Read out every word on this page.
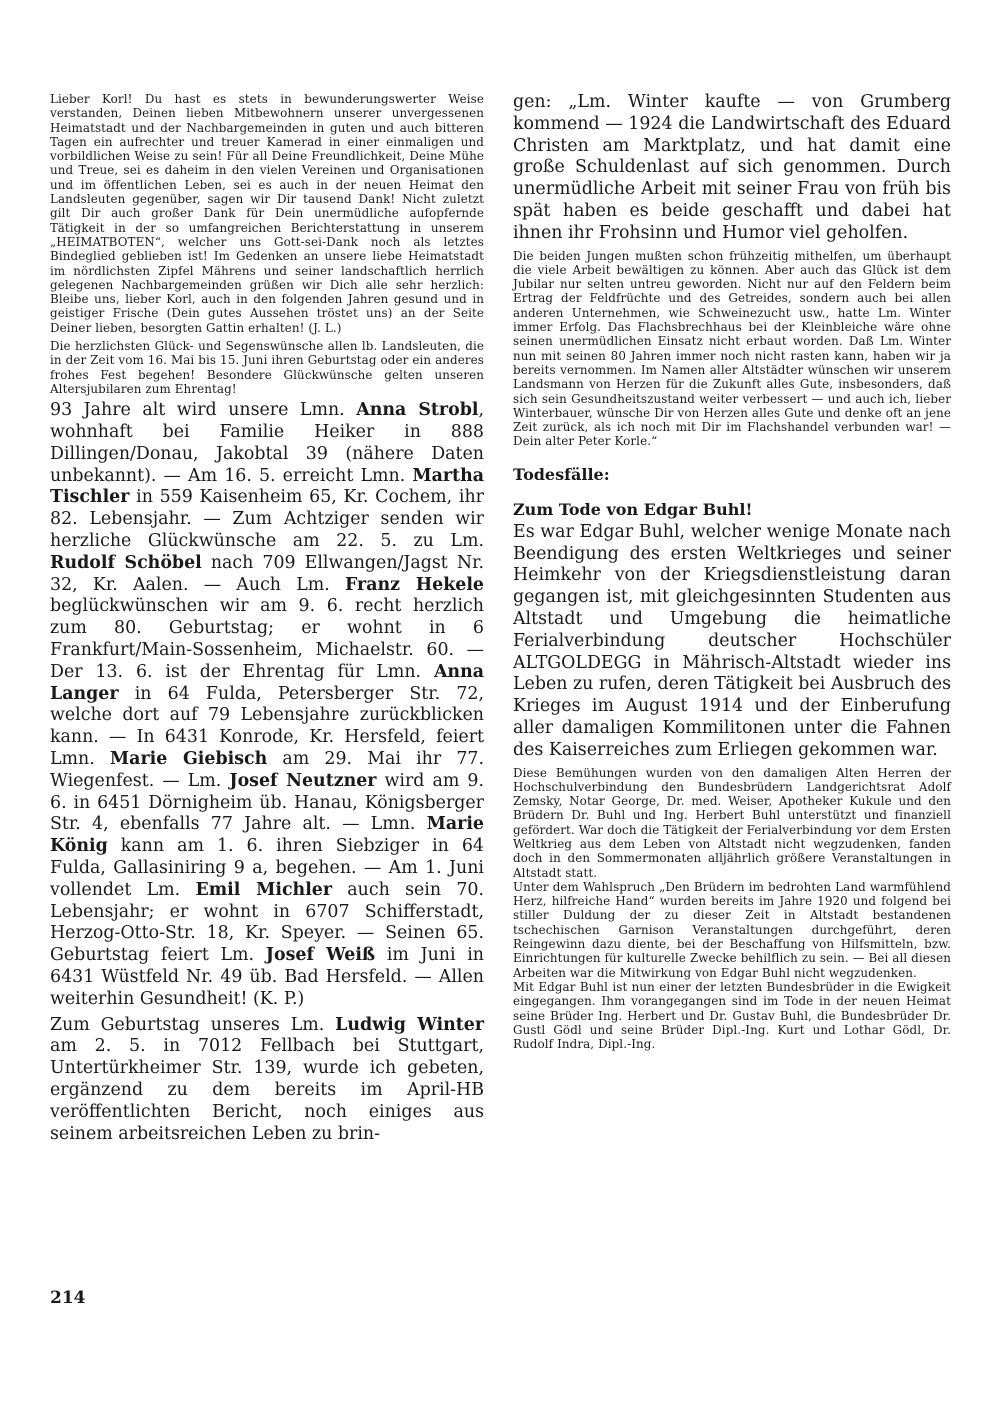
Lieber Korl! Du hast es stets in bewunderungswerter Weise verstanden, Deinen lieben Mitbewohnern unserer unvergessenen Heimatstadt und der Nachbargemeinden in guten und auch bitteren Tagen ein aufrechter und treuer Kamerad in einer einmaligen und vorbildlichen Weise zu sein! Für all Deine Freundlichkeit, Deine Mühe und Treue, sei es daheim in den vielen Vereinen und Organisationen und im öffentlichen Leben, sei es auch in der neuen Heimat den Landsleuten gegenüber, sagen wir Dir tausend Dank! Nicht zuletzt gilt Dir auch großer Dank für Dein unermüdliche aufopfernde Tätigkeit in der so umfangreichen Berichterstattung in unserem „HEIMATBOTEN“, welcher uns Gott-sei-Dank noch als letztes Bindeglied geblieben ist! Im Gedenken an unsere liebe Heimatstadt im nördlichsten Zipfel Mährens und seiner landschaftlich herrlich gelegenen Nachbargemeinden grüßen wir Dich alle sehr herzlich: Bleibe uns, lieber Korl, auch in den folgenden Jahren gesund und in geistiger Frische (Dein gutes Aussehen tröstet uns) an der Seite Deiner lieben, besorgten Gattin erhalten! (J. L.)

Die herzlichsten Glück- und Segenswünsche allen lb. Landsleuten, die in der Zeit vom 16. Mai bis 15. Juni ihren Geburtstag oder ein anderes frohes Fest begehen! Besondere Glückwünsche gelten unseren Altersjubilaren zum Ehrentag!

93 Jahre alt wird unsere Lmn. Anna Strobl, wohnhaft bei Familie Heiker in 888 Dillingen/Donau, Jakobtal 39 (nähere Daten unbekannt). — Am 16. 5. erreicht Lmn. Martha Tischler in 559 Kaisenheim 65, Kr. Cochem, ihr 82. Lebensjahr. — Zum Achtziger senden wir herzliche Glückwünsche am 22. 5. zu Lm. Rudolf Schöbel nach 709 Ellwangen/Jagst Nr. 32, Kr. Aalen. — Auch Lm. Franz Hekele beglückwünschen wir am 9. 6. recht herzlich zum 80. Geburtstag; er wohnt in 6 Frankfurt/Main-Sossenheim, Michaelstr. 60. — Der 13. 6. ist der Ehrentag für Lmn. Anna Langer in 64 Fulda, Petersberger Str. 72, welche dort auf 79 Lebensjahre zurückblicken kann. — In 6431 Konrode, Kr. Hersfeld, feiert Lmn. Marie Giebisch am 29. Mai ihr 77. Wiegenfest. — Lm. Josef Neutzner wird am 9. 6. in 6451 Dörnigheim üb. Hanau, Königsberger Str. 4, ebenfalls 77 Jahre alt. — Lmn. Marie König kann am 1. 6. ihren Siebziger in 64 Fulda, Gallasiniring 9 a, begehen. — Am 1. Juni vollendet Lm. Emil Michler auch sein 70. Lebensjahr; er wohnt in 6707 Schifferstadt, Herzog-Otto-Str. 18, Kr. Speyer. — Seinen 65. Geburtstag feiert Lm. Josef Weiß im Juni in 6431 Wüstfeld Nr. 49 üb. Bad Hersfeld. — Allen weiterhin Gesundheit! (K. P.)

Zum Geburtstag unseres Lm. Ludwig Winter am 2. 5. in 7012 Fellbach bei Stuttgart, Untertürkheimer Str. 139, wurde ich gebeten, ergänzend zu dem bereits im April-HB veröffentlichten Bericht, noch einiges aus seinem arbeitsreichen Leben zu brin-

gen: „Lm. Winter kaufte — von Grumberg kommend — 1924 die Landwirtschaft des Eduard Christen am Marktplatz, und hat damit eine große Schuldenlast auf sich genommen. Durch unermüdliche Arbeit mit seiner Frau von früh bis spät haben es beide geschafft und dabei hat ihnen ihr Frohsinn und Humor viel geholfen.

Die beiden Jungen mußten schon frühzeitig mithelfen, um überhaupt die viele Arbeit bewältigen zu können. Aber auch das Glück ist dem Jubilar nur selten untreu geworden. Nicht nur auf den Feldern beim Ertrag der Feldfrüchte und des Getreides, sondern auch bei allen anderen Unternehmen, wie Schweinezucht usw., hatte Lm. Winter immer Erfolg. Das Flachsbrechhaus bei der Kleinbleiche wäre ohne seinen unermüdlichen Einsatz nicht erbaut worden. Daß Lm. Winter nun mit seinen 80 Jahren immer noch nicht rasten kann, haben wir ja bereits vernommen. Im Namen aller Altstädter wünschen wir unserem Landsmann von Herzen für die Zukunft alles Gute, insbesonders, daß sich sein Gesundheitszustand weiter verbessert — und auch ich, lieber Winterbauer, wünsche Dir von Herzen alles Gute und denke oft an jene Zeit zurück, als ich noch mit Dir im Flachshandel verbunden war! — Dein alter Peter Korle.“

Todesfälle:
Zum Tode von Edgar Buhl!

Es war Edgar Buhl, welcher wenige Monate nach Beendigung des ersten Weltkrieges und seiner Heimkehr von der Kriegsdienstleistung daran gegangen ist, mit gleichgesinnten Studenten aus Altstadt und Umgebung die heimatliche Ferialverbindung deutscher Hochschüler ALTGOLDEGG in Mährisch-Altstadt wieder ins Leben zu rufen, deren Tätigkeit bei Ausbruch des Krieges im August 1914 und der Einberufung aller damaligen Kommilitonen unter die Fahnen des Kaiserreiches zum Erliegen gekommen war.

Diese Bemühungen wurden von den damaligen Alten Herren der Hochschulverbindung den Bundesbrüdern Landgerichtsrat Adolf Zemsky, Notar George, Dr. med. Weiser, Apotheker Kukule und den Brüdern Dr. Buhl und Ing. Herbert Buhl unterstützt und finanziell gefördert. War doch die Tätigkeit der Ferialverbindung vor dem Ersten Weltkrieg aus dem Leben von Altstadt nicht wegzudenken, fanden doch in den Sommermonaten alljährlich größere Veranstaltungen in Altstadt statt.

Unter dem Wahlspruch „Den Brüdern im bedrohten Land warmfühlend Herz, hilfreiche Hand“ wurden bereits im Jahre 1920 und folgend bei stiller Duldung der zu dieser Zeit in Altstadt bestandenen tschechischen Garnison Veranstaltungen durchgeführt, deren Reingewinn dazu diente, bei der Beschaffung von Hilfsmitteln, bzw. Einrichtungen für kulturelle Zwecke behilflich zu sein. — Bei all diesen Arbeiten war die Mitwirkung von Edgar Buhl nicht wegzudenken.

Mit Edgar Buhl ist nun einer der letzten Bundesbrüder in die Ewigkeit eingegangen. Ihm vorangegangen sind im Tode in der neuen Heimat seine Brüder Ing. Herbert und Dr. Gustav Buhl, die Bundesbrüder Dr. Gustl Gödl und seine Brüder Dipl.-Ing. Kurt und Lothar Gödl, Dr. Rudolf Indra, Dipl.-Ing.

214
